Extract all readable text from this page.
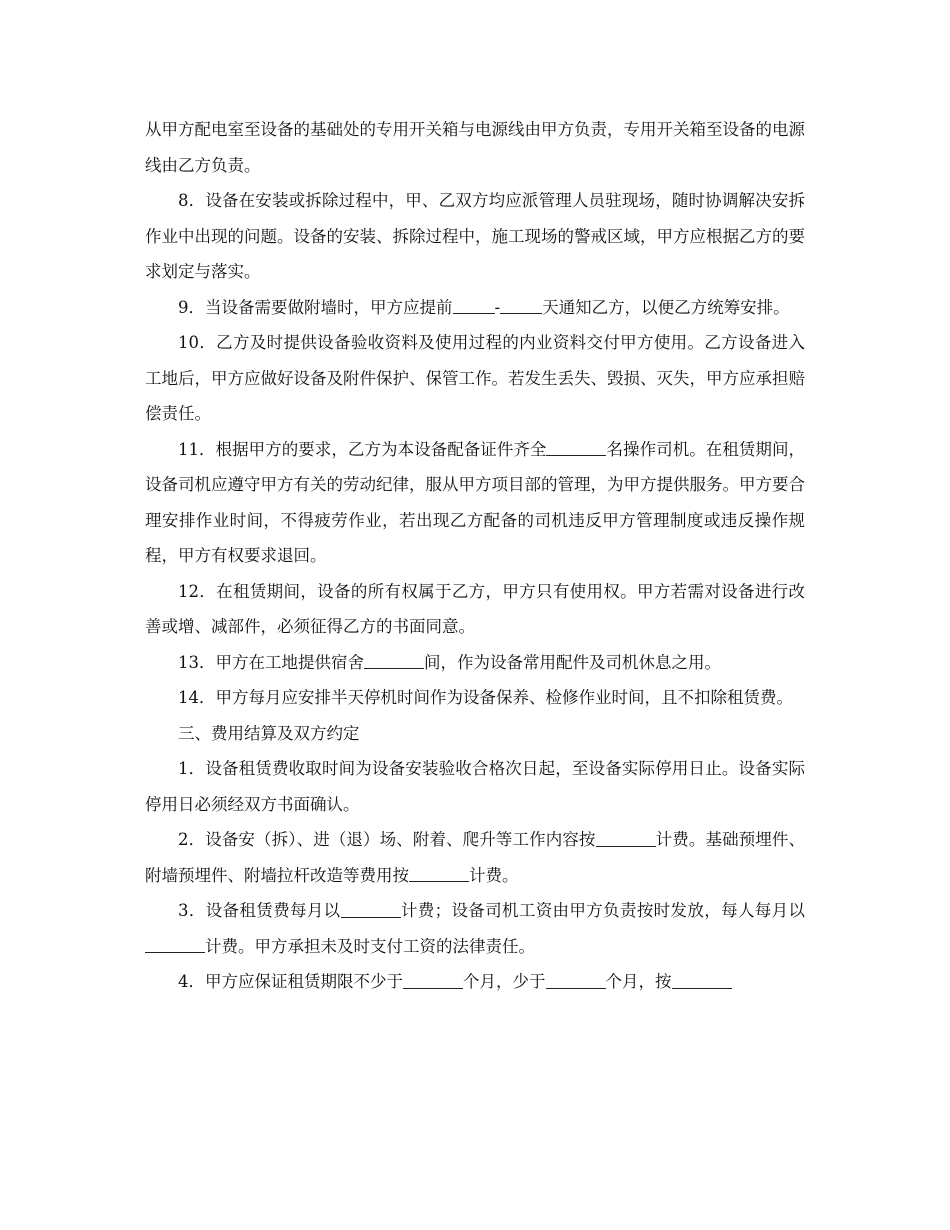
从甲方配电室至设备的基础处的专用开关箱与电源线由甲方负责，专用开关箱至设备的电源线由乙方负责。

8．设备在安装或拆除过程中，甲、乙双方均应派管理人员驻现场，随时协调解决安拆作业中出现的问题。设备的安装、拆除过程中，施工现场的警戒区域，甲方应根据乙方的要求划定与落实。

9．当设备需要做附墙时，甲方应提前	-	天通知乙方，以便乙方统筹安排。

10．乙方及时提供设备验收资料及使用过程的内业资料交付甲方使用。乙方设备进入工地后，甲方应做好设备及附件保护、保管工作。若发生丢失、毁损、灭失，甲方应承担赔偿责任。

11．根据甲方的要求，乙方为本设备配备证件齐全	名操作司机。在租赁期间，设备司机应遵守甲方有关的劳动纪律，服从甲方项目部的管理，为甲方提供服务。甲方要合理安排作业时间，不得疲劳作业，若出现乙方配备的司机违反甲方管理制度或违反操作规程，甲方有权要求退回。

12．在租赁期间，设备的所有权属于乙方，甲方只有使用权。甲方若需对设备进行改善或增、减部件，必须征得乙方的书面同意。

13．甲方在工地提供宿舍	间，作为设备常用配件及司机休息之用。

14．甲方每月应安排半天停机时间作为设备保养、检修作业时间，且不扣除租赁费。

三、费用结算及双方约定

1．设备租赁费收取时间为设备安装验收合格次日起，至设备实际停用日止。设备实际停用日必须经双方书面确认。

2．设备安（拆）、进（退）场、附着、爬升等工作内容按	计费。基础预埋件、附墙预埋件、附墙拉杆改造等费用按	计费。

3．设备租赁费每月以	计费；设备司机工资由甲方负责按时发放，每人每月以计费。甲方承担未及时支付工资的法律责任。

4．甲方应保证租赁期限不少于	个月，少于	个月，按
